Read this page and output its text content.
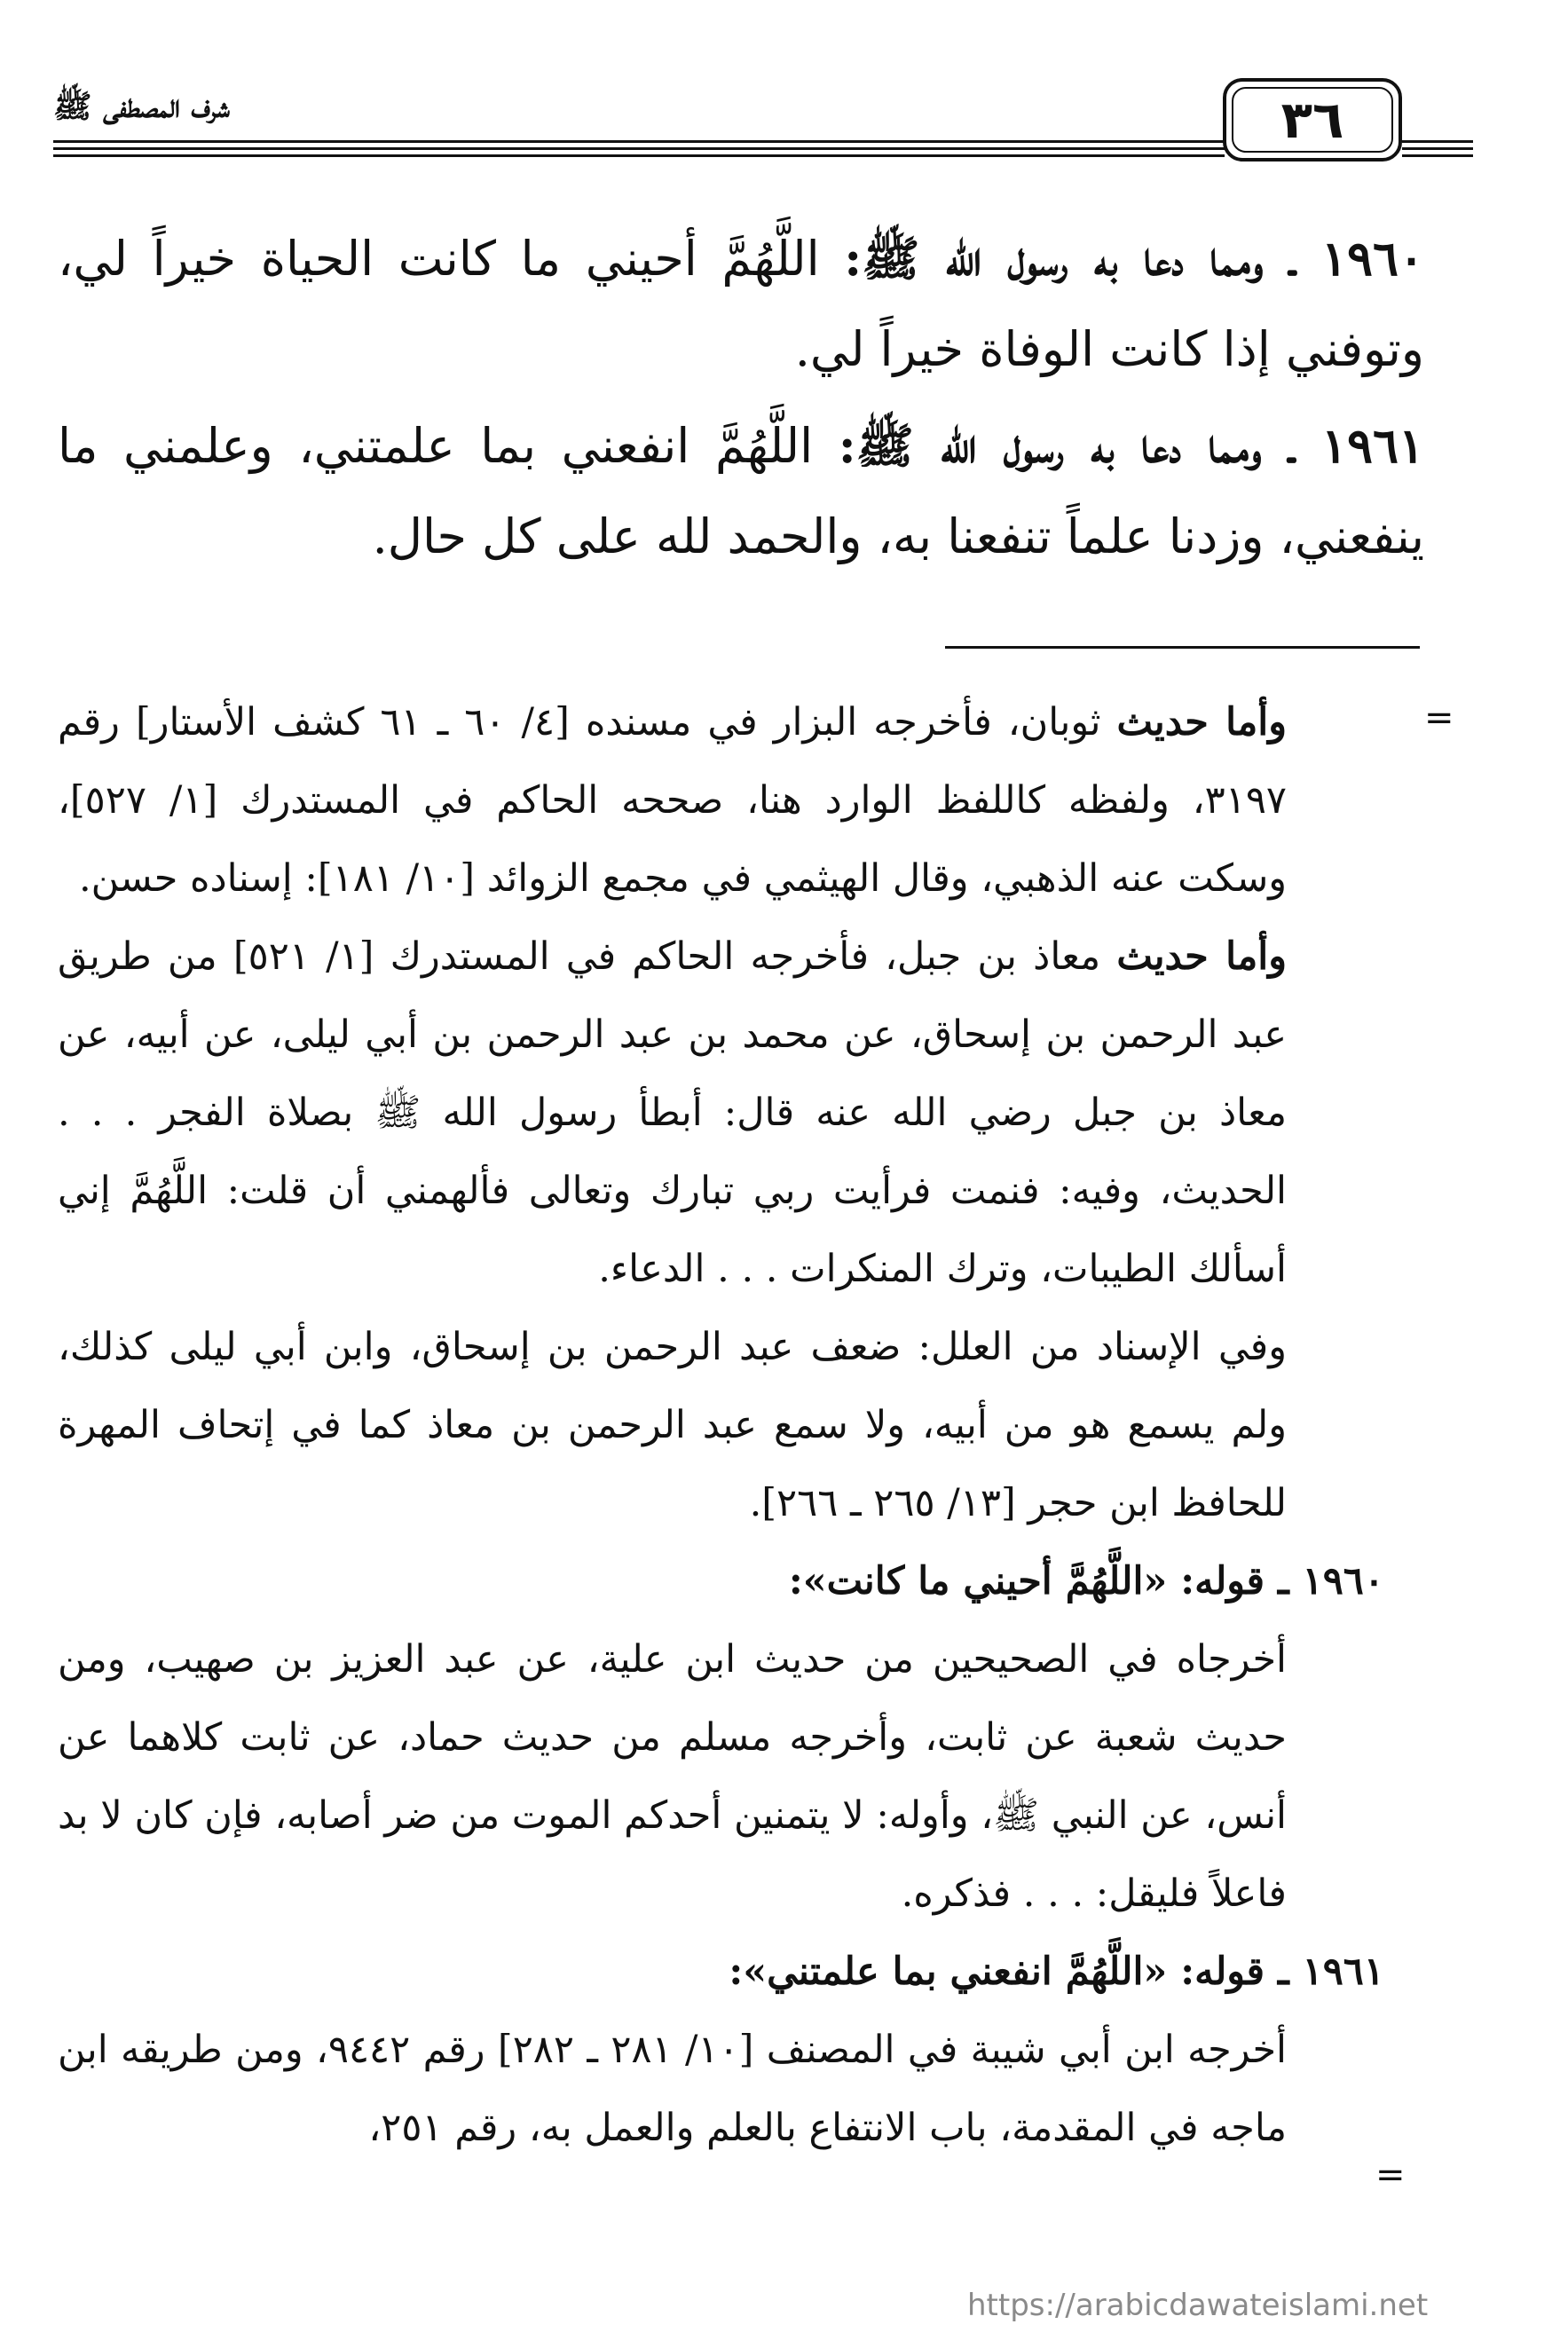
شرف المصطفى ﷺ	٣٦

١٩٦٠ ـ ومما دعا به رسول الله ﷺ: اللَّهُمَّ أحيني ما كانت الحياة خيراً لي، وتوفني إذا كانت الوفاة خيراً لي.

١٩٦١ ـ ومما دعا به رسول الله ﷺ: اللَّهُمَّ انفعني بما علمتني، وعلمني ما ينفعني، وزدنا علماً تنفعنا به، والحمد لله على كل حال.

=

وأما حديث ثوبان، فأخرجه البزار في مسنده [٤/ ٦٠ ـ ٦١ كشف الأستار] رقم ٣١٩٧، ولفظه كاللفظ الوارد هنا، صححه الحاكم في المستدرك [١/ ٥٢٧]، وسكت عنه الذهبي، وقال الهيثمي في مجمع الزوائد [١٠/ ١٨١]: إسناده حسن.

وأما حديث معاذ بن جبل، فأخرجه الحاكم في المستدرك [١/ ٥٢١] من طريق عبد الرحمن بن إسحاق، عن محمد بن عبد الرحمن بن أبي ليلى، عن أبيه، عن معاذ بن جبل رضي الله عنه قال: أبطأ رسول الله ﷺ بصلاة الفجر . . . الحديث، وفيه: فنمت فرأيت ربي تبارك وتعالى فألهمني أن قلت: اللَّهُمَّ إني أسألك الطيبات، وترك المنكرات . . . الدعاء.

وفي الإسناد من العلل: ضعف عبد الرحمن بن إسحاق، وابن أبي ليلى كذلك، ولم يسمع هو من أبيه، ولا سمع عبد الرحمن بن معاذ كما في إتحاف المهرة للحافظ ابن حجر [١٣/ ٢٦٥ ـ ٢٦٦].

١٩٦٠ ـ قوله: «اللَّهُمَّ أحيني ما كانت»:

أخرجاه في الصحيحين من حديث ابن علية، عن عبد العزيز بن صهيب، ومن حديث شعبة عن ثابت، وأخرجه مسلم من حديث حماد، عن ثابت كلاهما عن أنس، عن النبي ﷺ، وأوله: لا يتمنين أحدكم الموت من ضر أصابه، فإن كان لا بد فاعلاً فليقل: . . . فذكره.

١٩٦١ ـ قوله: «اللَّهُمَّ انفعني بما علمتني»:

أخرجه ابن أبي شيبة في المصنف [١٠/ ٢٨١ ـ ٢٨٢] رقم ٩٤٤٢، ومن طريقه ابن ماجه في المقدمة، باب الانتفاع بالعلم والعمل به، رقم ٢٥١،

=
https://arabicdawateislami.net
